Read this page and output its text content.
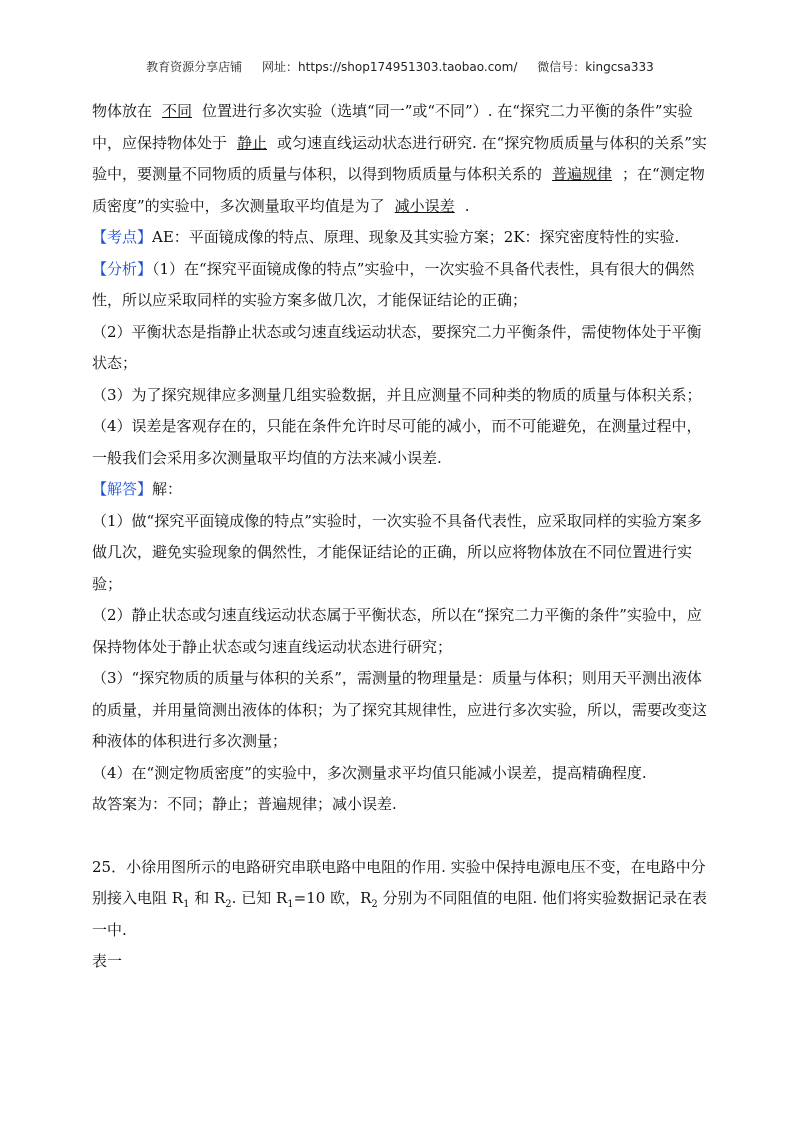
教育资源分享店铺 网址：https://shop174951303.taobao.com/ 微信号：kingcsa333

物体放在 不同 位置进行多次实验（选填“同一”或“不同”）. 在“探究二力平衡的条件”实验中，应保持物体处于 静止 或匀速直线运动状态进行研究. 在“探究物质质量与体积的关系”实验中，要测量不同物质的质量与体积，以得到物质质量与体积关系的 普遍规律 ；在“测定物质密度”的实验中，多次测量取平均值是为了 减小误差 .

【考点】AE：平面镜成像的特点、原理、现象及其实验方案；2K：探究密度特性的实验.

【分析】（1）在“探究平面镜成像的特点”实验中，一次实验不具备代表性，具有很大的偶然性，所以应采取同样的实验方案多做几次，才能保证结论的正确；

（2）平衡状态是指静止状态或匀速直线运动状态，要探究二力平衡条件，需使物体处于平衡状态；

（3）为了探究规律应多测量几组实验数据，并且应测量不同种类的物质的质量与体积关系；

（4）误差是客观存在的，只能在条件允许时尽可能的减小，而不可能避免，在测量过程中，一般我们会采用多次测量取平均值的方法来减小误差.

【解答】解：

（1）做“探究平面镜成像的特点”实验时，一次实验不具备代表性，应采取同样的实验方案多做几次，避免实验现象的偶然性，才能保证结论的正确，所以应将物体放在不同位置进行实验；

（2）静止状态或匀速直线运动状态属于平衡状态，所以在“探究二力平衡的条件”实验中，应保持物体处于静止状态或匀速直线运动状态进行研究；

（3）“探究物质的质量与体积的关系”，需测量的物理量是：质量与体积；则用天平测出液体的质量，并用量筒测出液体的体积；为了探究其规律性，应进行多次实验，所以，需要改变这种液体的体积进行多次测量；

（4）在“测定物质密度”的实验中，多次测量求平均值只能减小误差，提高精确程度.

故答案为：不同；静止；普遍规律；减小误差.

25．小徐用图所示的电路研究串联电路中电阻的作用. 实验中保持电源电压不变，在电路中分别接入电阻 $R_1$ 和 $R_2$. 已知 $R_1=10$ 欧，$R_2$ 分别为不同阻值的电阻. 他们将实验数据记录在表一中.

表一
